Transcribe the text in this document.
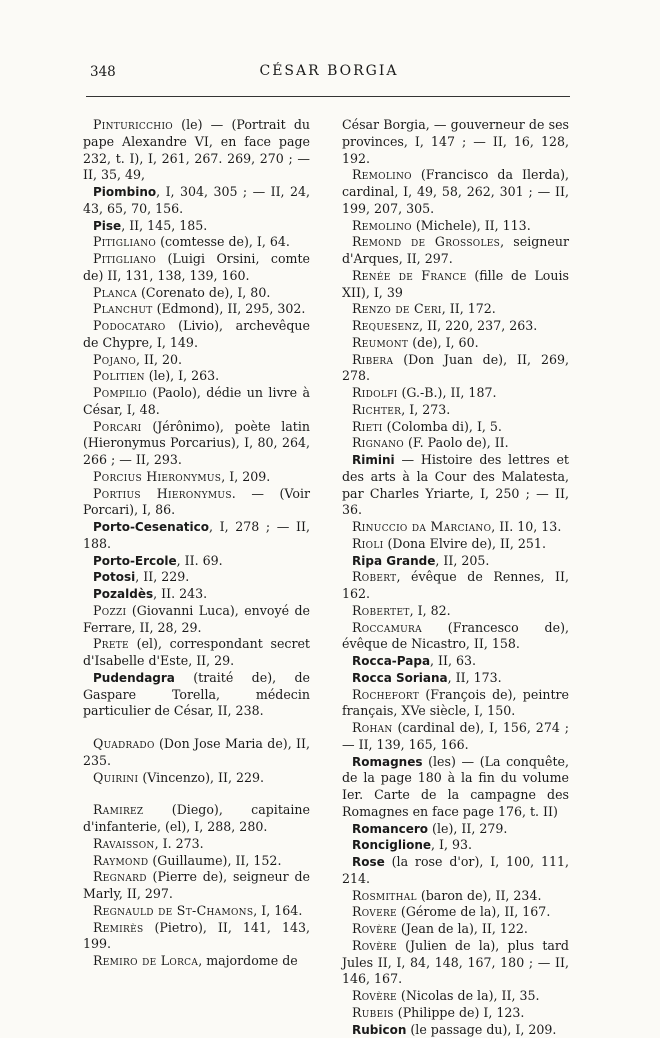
348	CÉSAR BORGIA

Pinturicchio (le) — (Portrait du pape Alexandre VI, en face page 232, t. I), I, 261, 267. 269, 270 ; — II, 35, 49,

Piombino, I, 304, 305 ; — II, 24, 43, 65, 70, 156.

Pise, II, 145, 185.

Pitigliano (comtesse de), I, 64.

Pitigliano (Luigi Orsini, comte de) II, 131, 138, 139, 160.

Planca (Corenato de), I, 80.

Planchut (Edmond), II, 295, 302.

Podocataro (Livio), archevêque de Chypre, I, 149.

Pojano, II, 20.

Politien (le), I, 263.

Pompilio (Paolo), dédie un livre à César, I, 48.

Porcari (Jérônimo), poète latin (Hieronymus Porcarius), I, 80, 264, 266 ; — II, 293.

Porcius Hieronymus, I, 209.

Portius Hieronymus. — (Voir Porcari), I, 86.

Porto-Cesenatico, I, 278 ; — II, 188.

Porto-Ercole, II. 69.

Potosi, II, 229.

Pozaldès, II. 243.

Pozzi (Giovanni Luca), envoyé de Ferrare, II, 28, 29.

Prete (el), correspondant secret d'Isabelle d'Este, II, 29.

Pudendagra (traité de), de Gaspare Torella, médecin particulier de César, II, 238.

Quadrado (Don Jose Maria de), II, 235.

Quirini (Vincenzo), II, 229.

Ramirez (Diego), capitaine d'infanterie, (el), I, 288, 280.

Ravaisson, I. 273.

Raymond (Guillaume), II, 152.

Regnard (Pierre de), seigneur de Marly, II, 297.

Regnauld de St-Chamons, I, 164.

Remirès (Pietro), II, 141, 143, 199.

Remiro de Lorca, majordome de

César Borgia, — gouverneur de ses provinces, I, 147 ; — II, 16, 128, 192.

Remolino (Francisco da Ilerda), cardinal, I, 49, 58, 262, 301 ; — II, 199, 207, 305.

Remolino (Michele), II, 113.

Remond de Grossoles, seigneur d'Arques, II, 297.

Renée de France (fille de Louis XII), I, 39

Renzo de Ceri, II, 172.

Requesenz, II, 220, 237, 263.

Reumont (de), I, 60.

Ribera (Don Juan de), II, 269, 278.

Ridolfi (G.-B.), II, 187.

Richter, I, 273.

Rieti (Colomba di), I, 5.

Rignano (F. Paolo de), II.

Rimini — Histoire des lettres et des arts à la Cour des Malatesta, par Charles Yriarte, I, 250 ; — II, 36.

Rinuccio da Marciano, II. 10, 13.

Rioli (Dona Elvire de), II, 251.

Ripa Grande, II, 205.

Robert, évêque de Rennes, II, 162.

Robertet, I, 82.

Roccamura (Francesco de), évêque de Nicastro, II, 158.

Rocca-Papa, II, 63.

Rocca Soriana, II, 173.

Rochefort (François de), peintre français, XVe siècle, I, 150.

Rohan (cardinal de), I, 156, 274 ; — II, 139, 165, 166.

Romagnes (les) — (La conquête, de la page 180 à la fin du volume Ier. Carte de la campagne des Romagnes en face page 176, t. II)

Romancero (le), II, 279.

Ronciglione, I, 93.

Rose (la rose d'or), I, 100, 111, 214.

Rosmithal (baron de), II, 234.

Rovere (Gérome de la), II, 167.

Rovère (Jean de la), II, 122.

Rovère (Julien de la), plus tard Jules II, I, 84, 148, 167, 180 ; — II, 146, 167.

Rovère (Nicolas de la), II, 35.

Rubeis (Philippe de) I, 123.

Rubicon (le passage du), I, 209.
